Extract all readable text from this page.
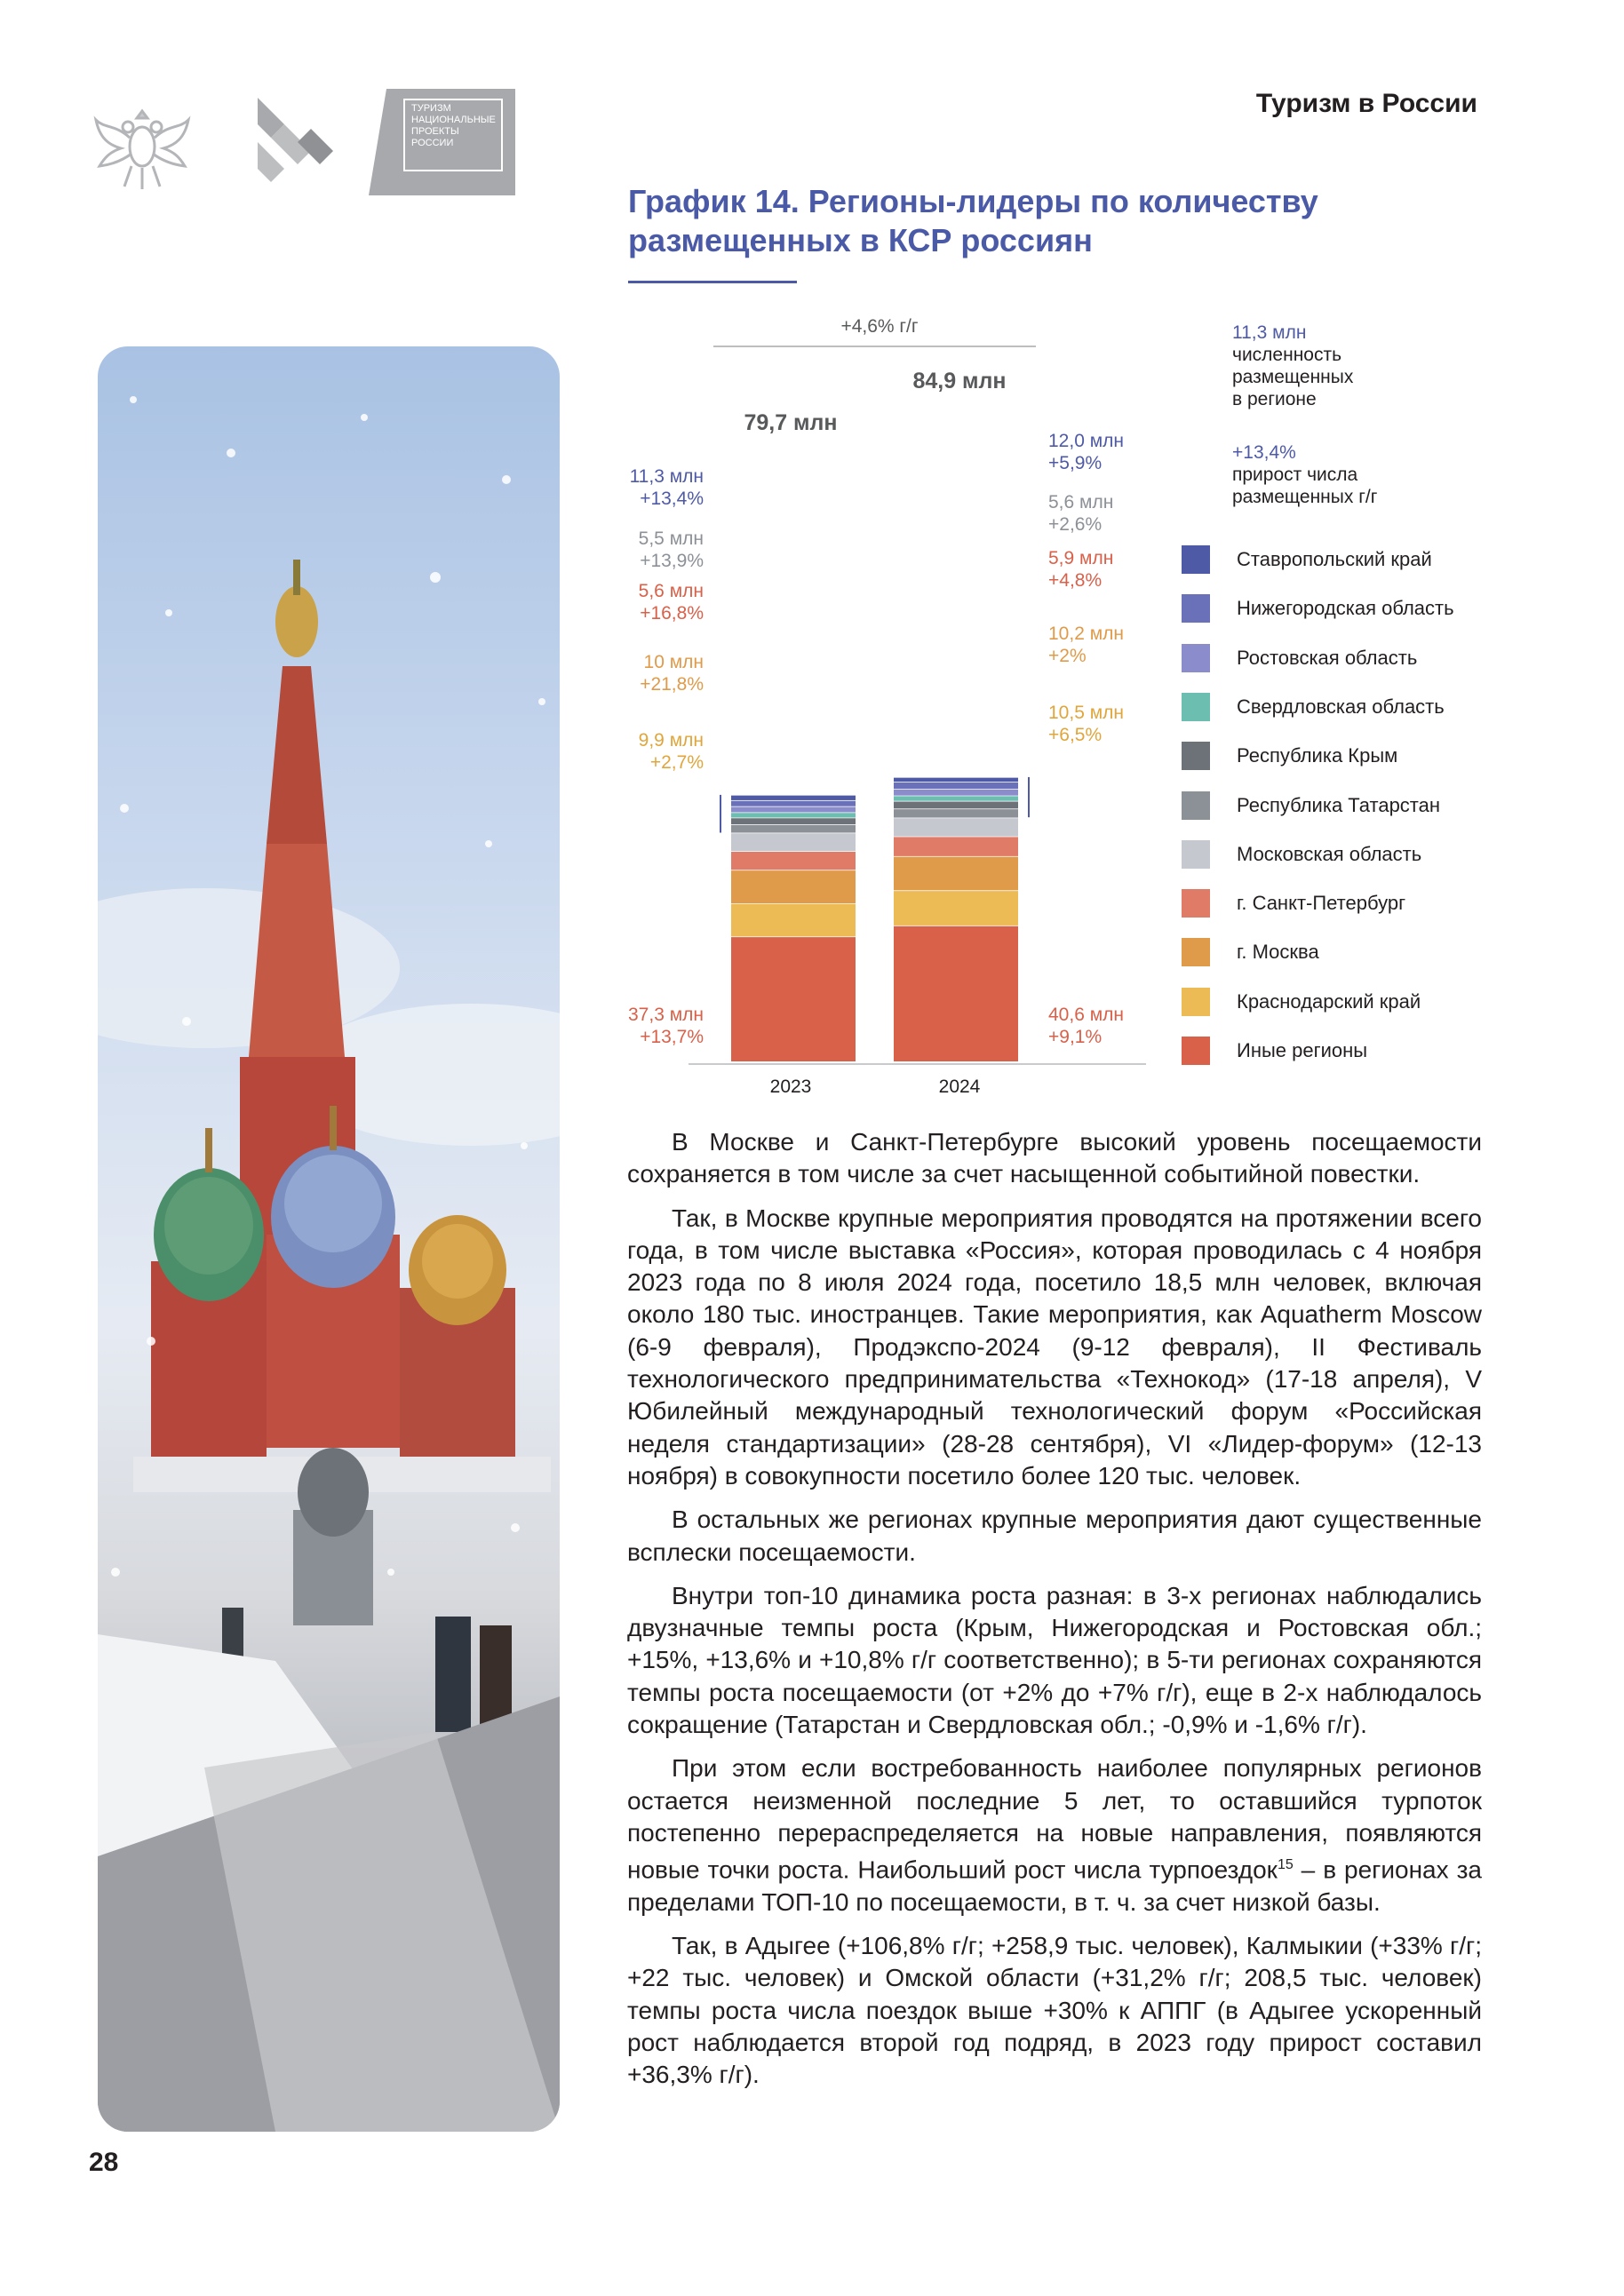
Туризм в России
ТУРИЗМ НАЦИОНАЛЬНЫЕ ПРОЕКТЫ РОССИИ
График 14. Регионы-лидеры по количеству
размещенных в КСР россиян
+4,6% г/г
79,7 млн
84,9 млн
11,3 млн
+13,4%
5,5 млн
+13,9%
5,6 млн
+16,8%
10 млн
+21,8%
9,9 млн
+2,7%
37,3 млн
+13,7%
12,0 млн
+5,9%
5,6 млн
+2,6%
5,9 млн
+4,8%
10,2 млн
+2%
10,5 млн
+6,5%
40,6 млн
+9,1%
2023	2024
11,3 млн
численность
размещенных
в регионе
+13,4%
прирост числа
размещенных г/г
Ставропольский край
Нижегородская область
Ростовская область
Свердловская область
Республика Крым
Республика Татарстан
Московская область
г. Санкт-Петербург
г. Москва
Краснодарский край
Иные регионы

В Москве и Санкт-Петербурге высокий уровень посещаемости сохраняется в том числе за счет насыщенной событийной повестки.

Так, в Москве крупные мероприятия проводятся на протяжении всего года, в том числе выставка «Россия», которая проводилась с 4 ноября 2023 года по 8 июля 2024 года, посетило 18,5 млн человек, включая около 180 тыс. иностранцев. Такие мероприятия, как Aquatherm Moscow (6-9 февраля), Продэкспо-2024 (9-12 февраля), II Фестиваль технологического предпринимательства «Технокод» (17-18 апреля), V Юбилейный международный технологический форум «Российская неделя стандартизации» (28-28 сентября), VI «Лидер-форум» (12-13 ноября) в совокупности посетило более 120 тыс. человек.

В остальных же регионах крупные мероприятия дают существенные всплески посещаемости.

Внутри топ-10 динамика роста разная: в 3-х регионах наблюдались двузначные темпы роста (Крым, Нижегородская и Ростовская обл.; +15%, +13,6% и +10,8% г/г соответственно); в 5-ти регионах сохраняются темпы роста посещаемости (от +2% до +7% г/г), еще в 2-х наблюдалось сокращение (Татарстан и Свердловская обл.; -0,9% и -1,6% г/г).

При этом если востребованность наиболее популярных регионов остается неизменной последние 5 лет, то оставшийся турпоток постепенно перераспределяется на новые направления, появляются новые точки роста. Наибольший рост числа турпоездок$^{15}$ – в регионах за пределами ТОП-10 по посещаемости, в т. ч. за счет низкой базы.

Так, в Адыгее (+106,8% г/г; +258,9 тыс. человек), Калмыкии (+33% г/г; +22 тыс. человек) и Омской области (+31,2% г/г; 208,5 тыс. человек) темпы роста числа поездок выше +30% к АППГ (в Адыгее ускоренный рост наблюдается второй год подряд, в 2023 году прирост составил +36,3% г/г).

28
